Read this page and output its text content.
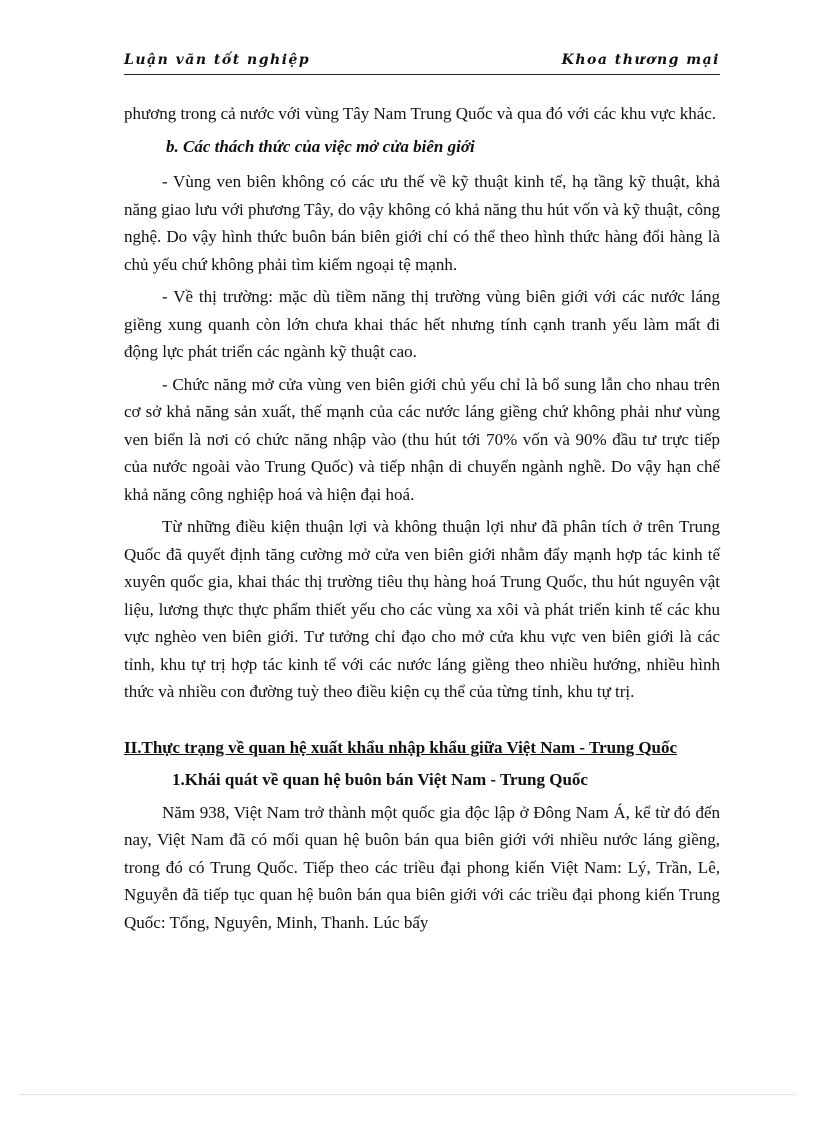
Luận văn tốt nghiệp	Khoa thương mại

phương trong cả nước với vùng Tây Nam Trung Quốc và qua đó với các khu vực khác.

b. Các thách thức của việc mở cửa biên giới

- Vùng ven biên không có các ưu thế về kỹ thuật kinh tế, hạ tầng kỹ thuật, khả năng giao lưu với phương Tây, do vậy không có khả năng thu hút vốn và kỹ thuật, công nghệ. Do vậy hình thức buôn bán biên giới chỉ có thể theo hình thức hàng đổi hàng là chủ yếu chứ không phải tìm kiếm ngoại tệ mạnh.

- Về thị trường: mặc dù tiềm năng thị trường vùng biên giới với các nước láng giềng xung quanh còn lớn chưa khai thác hết nhưng tính cạnh tranh yếu làm mất đi động lực phát triển các ngành kỹ thuật cao.

- Chức năng mở cửa vùng ven biên giới chủ yếu chỉ là bổ sung lẫn cho nhau trên cơ sở khả năng sản xuất, thế mạnh của các nước láng giềng chứ không phải như vùng ven biển là nơi có chức năng nhập vào (thu hút tới 70% vốn và 90% đầu tư trực tiếp của nước ngoài vào Trung Quốc) và tiếp nhận di chuyển ngành nghề. Do vậy hạn chế khả năng công nghiệp hoá và hiện đại hoá.

Từ những điều kiện thuận lợi và không thuận lợi như đã phân tích ở trên Trung Quốc đã quyết định tăng cường mở cửa ven biên giới nhằm đẩy mạnh hợp tác kinh tế xuyên quốc gia, khai thác thị trường tiêu thụ hàng hoá Trung Quốc, thu hút nguyên vật liệu, lương thực thực phẩm thiết yếu cho các vùng xa xôi và phát triển kinh tế các khu vực nghèo ven biên giới. Tư tưởng chỉ đạo cho mở cửa khu vực ven biên giới là các tỉnh, khu tự trị hợp tác kinh tế với các nước láng giềng theo nhiều hướng, nhiều hình thức và nhiều con đường tuỳ theo điều kiện cụ thể của từng tỉnh, khu tự trị.

II.Thực trạng về quan hệ xuất khẩu nhập khẩu giữa Việt Nam - Trung Quốc

1.Khái quát về quan hệ buôn bán Việt Nam - Trung Quốc

Năm 938, Việt Nam trở thành một quốc gia độc lập ở Đông Nam Á, kể từ đó đến nay, Việt Nam đã có mối quan hệ buôn bán qua biên giới với nhiều nước láng giềng, trong đó có Trung Quốc. Tiếp theo các triều đại phong kiến Việt Nam: Lý, Trần, Lê, Nguyễn đã tiếp tục quan hệ buôn bán qua biên giới với các triều đại phong kiến Trung Quốc: Tống, Nguyên, Minh, Thanh. Lúc bấy
